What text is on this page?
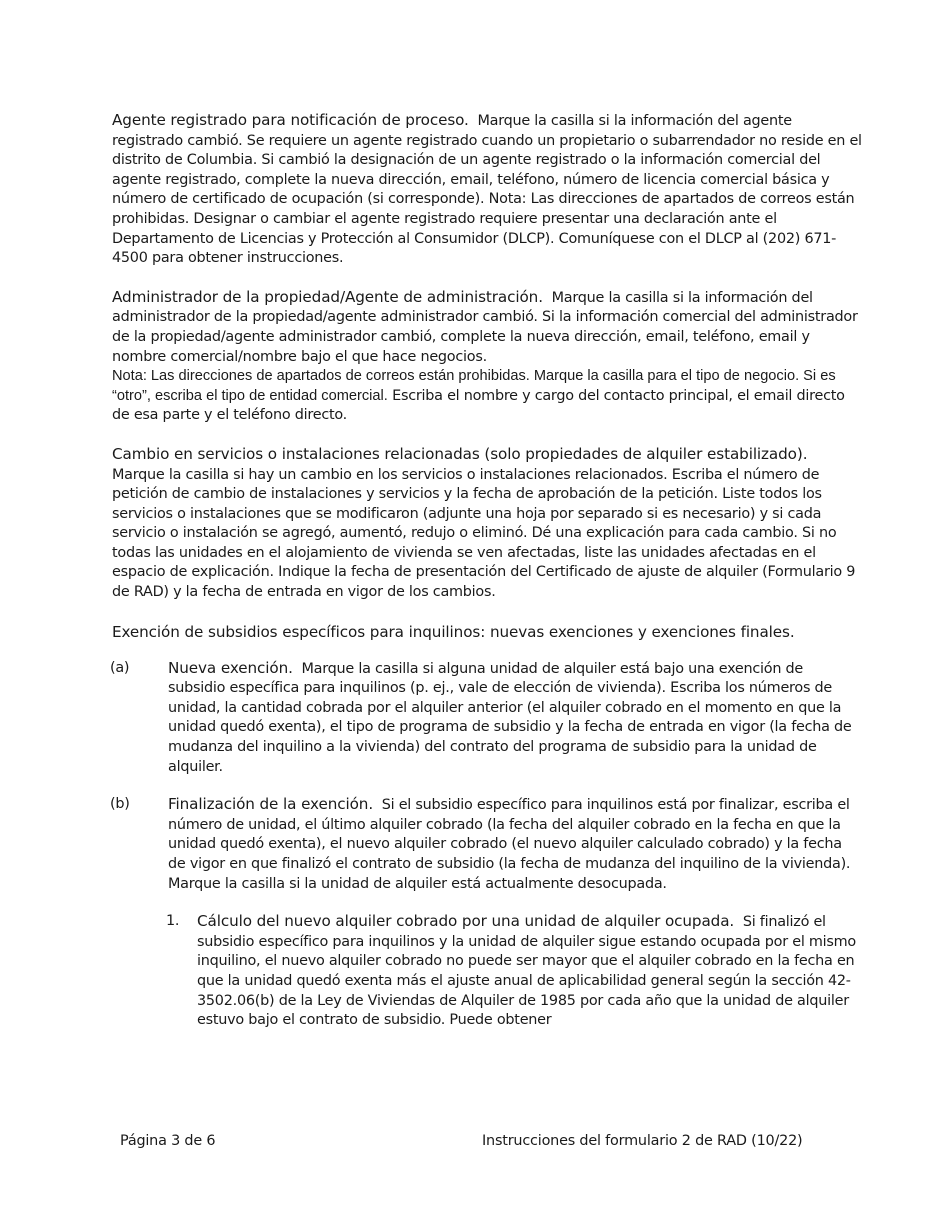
Agente registrado para notificación de proceso. Marque la casilla si la información del agente registrado cambió. Se requiere un agente registrado cuando un propietario o subarrendador no reside en el distrito de Columbia. Si cambió la designación de un agente registrado o la información comercial del agente registrado, complete la nueva dirección, email, teléfono, número de licencia comercial básica y número de certificado de ocupación (si corresponde). Nota: Las direcciones de apartados de correos están prohibidas. Designar o cambiar el agente registrado requiere presentar una declaración ante el Departamento de Licencias y Protección al Consumidor (DLCP). Comuníquese con el DLCP al (202) 671-4500 para obtener instrucciones.

Administrador de la propiedad/Agente de administración. Marque la casilla si la información del administrador de la propiedad/agente administrador cambió. Si la información comercial del administrador de la propiedad/agente administrador cambió, complete la nueva dirección, email, teléfono, email y nombre comercial/nombre bajo el que hace negocios.
Nota: Las direcciones de apartados de correos están prohibidas. Marque la casilla para el tipo de negocio. Si es “otro”, escriba el tipo de entidad comercial. Escriba el nombre y cargo del contacto principal, el email directo de esa parte y el teléfono directo.

Cambio en servicios o instalaciones relacionadas (solo propiedades de alquiler estabilizado).  Marque la casilla si hay un cambio en los servicios o instalaciones relacionados. Escriba el número de petición de cambio de instalaciones y servicios y la fecha de aprobación de la petición. Liste todos los servicios o instalaciones que se modificaron (adjunte una hoja por separado si es necesario) y si cada servicio o instalación se agregó, aumentó, redujo o eliminó. Dé una explicación para cada cambio. Si no todas las unidades en el alojamiento de vivienda se ven afectadas, liste las unidades afectadas en el espacio de explicación. Indique la fecha de presentación del Certificado de ajuste de alquiler (Formulario 9 de RAD) y la fecha de entrada en vigor de los cambios.

Exención de subsidios específicos para inquilinos: nuevas exenciones y exenciones finales.

(a)	Nueva exención. Marque la casilla si alguna unidad de alquiler está bajo una exención de subsidio específica para inquilinos (p. ej., vale de elección de vivienda). Escriba los números de unidad, la cantidad cobrada por el alquiler anterior (el alquiler cobrado en el momento en que la unidad quedó exenta), el tipo de programa de subsidio y la fecha de entrada en vigor (la fecha de mudanza del inquilino a la vivienda) del contrato del programa de subsidio para la unidad de alquiler.
(b)	Finalización de la exención. Si el subsidio específico para inquilinos está por finalizar, escriba el número de unidad, el último alquiler cobrado (la fecha del alquiler cobrado en la fecha en que la unidad quedó exenta), el nuevo alquiler cobrado (el nuevo alquiler calculado cobrado) y la fecha de vigor en que finalizó el contrato de subsidio (la fecha de mudanza del inquilino de la vivienda). Marque la casilla si la unidad de alquiler está actualmente desocupada.
1. Cálculo del nuevo alquiler cobrado por una unidad de alquiler ocupada. Si finalizó el subsidio específico para inquilinos y la unidad de alquiler sigue estando ocupada por el mismo inquilino, el nuevo alquiler cobrado no puede ser mayor que el alquiler cobrado en la fecha en que la unidad quedó exenta más el ajuste anual de aplicabilidad general según la sección 42-3502.06(b) de la Ley de Viviendas de Alquiler de 1985 por cada año que la unidad de alquiler estuvo bajo el contrato de subsidio. Puede obtener
Página 3 de 6	Instrucciones del formulario 2 de RAD (10/22)
